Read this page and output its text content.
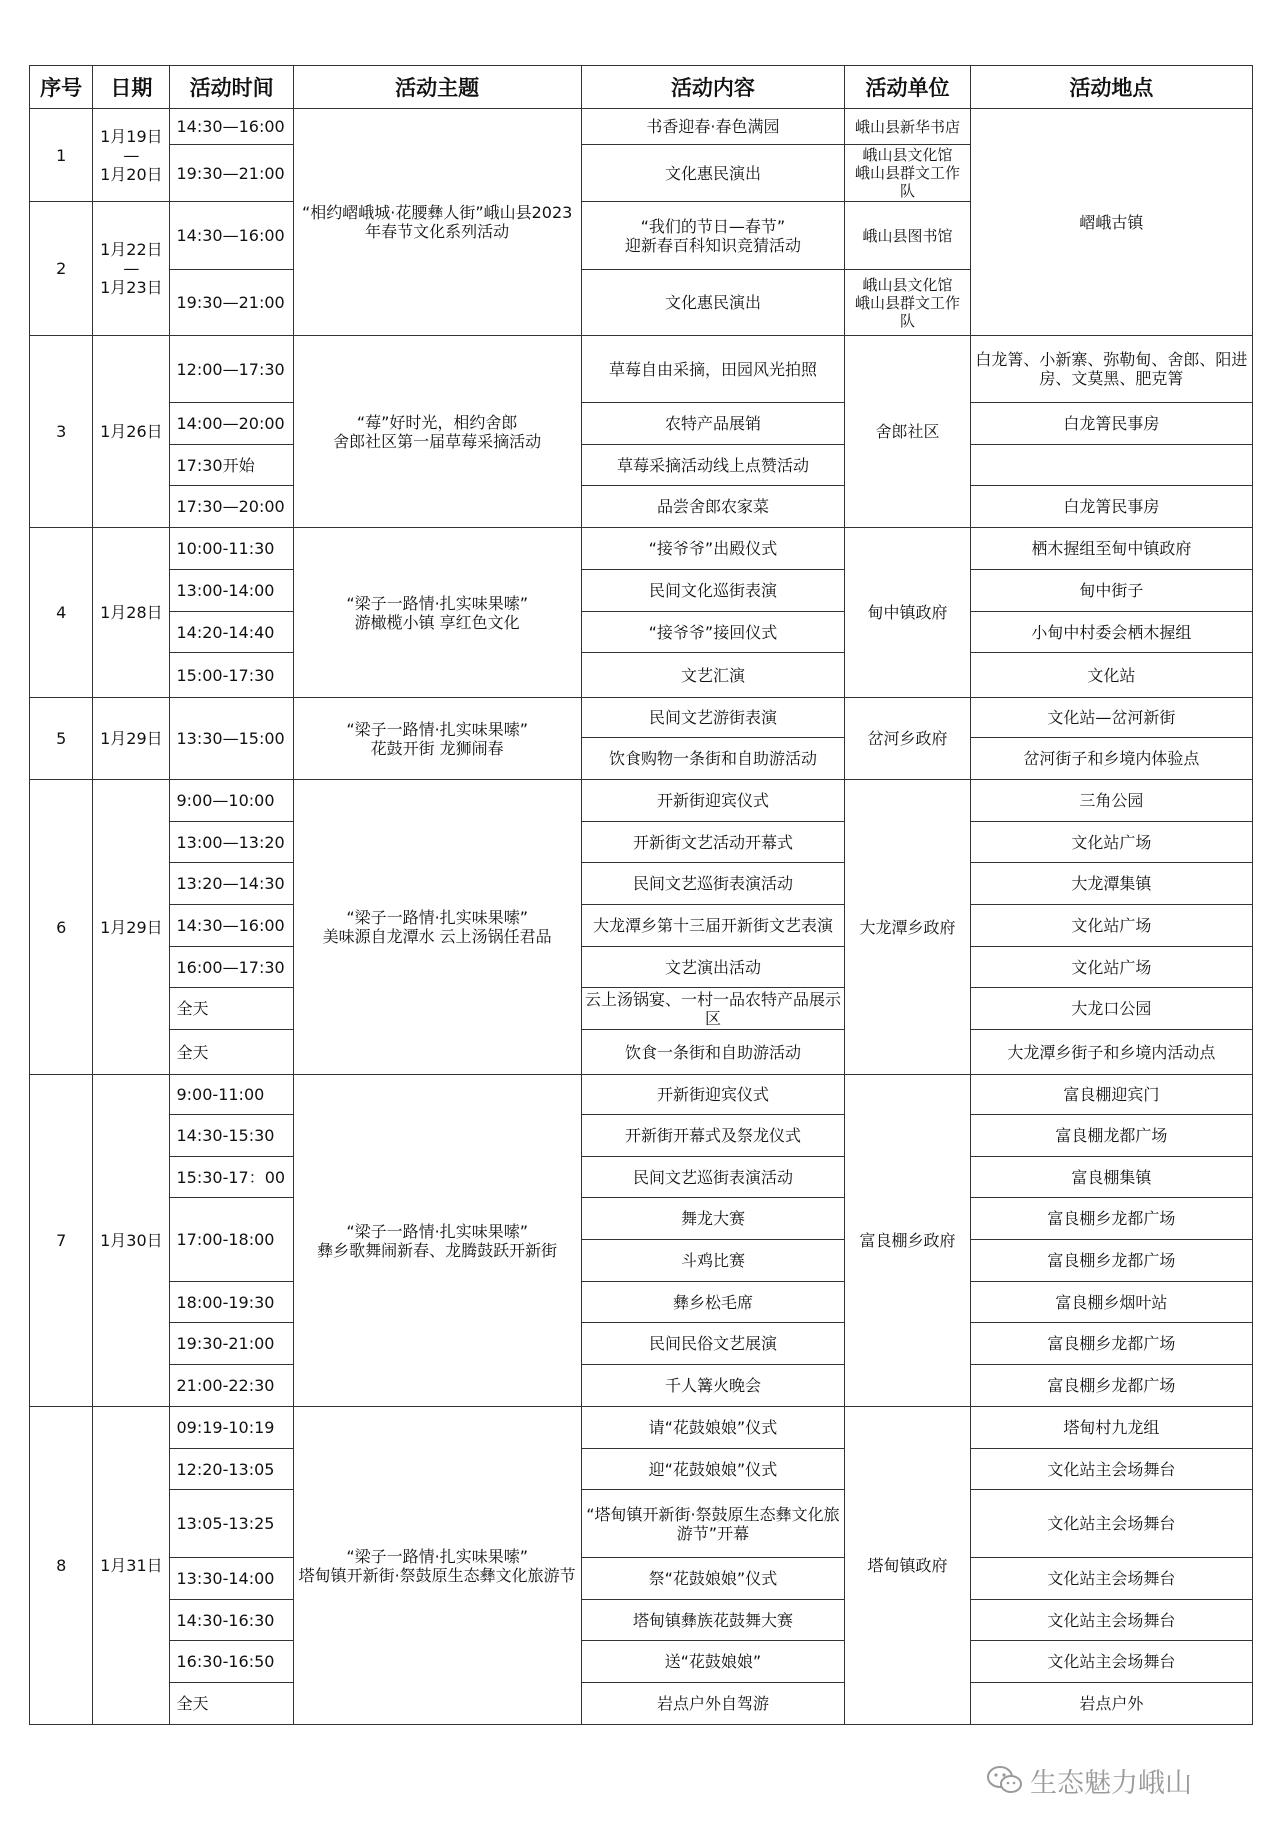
序号	日期	活动时间	活动主题	活动内容	活动单位	活动地点
1	1月19日
—
1月20日	14:30—16:00	“相约嶍峨城·花腰彝人街”峨山县2023年春节文化系列活动	书香迎春·春色满园	峨山县新华书店	嶍峨古镇
		19:30—21:00		文化惠民演出	峨山县文化馆
峨山县群文工作队	
2	1月22日
—
1月23日	14:30—16:00		“我们的节日—春节”
迎新春百科知识竞猜活动	峨山县图书馆	
		19:30—21:00		文化惠民演出	峨山县文化馆
峨山县群文工作队	
3	1月26日	12:00—17:30	“莓”好时光，相约舍郎
舍郎社区第一届草莓采摘活动	草莓自由采摘，田园风光拍照	舍郎社区	白龙箐、小新寨、弥勒甸、舍郎、阳进房、文莫黑、肥克箐
		14:00—20:00		农特产品展销		白龙箐民事房
		17:30开始		草莓采摘活动线上点赞活动		
		17:30—20:00		品尝舍郎农家菜		白龙箐民事房
4	1月28日	10:00-11:30	“梁子一路情·扎实味果嗦”
游橄榄小镇 享红色文化	“接爷爷”出殿仪式	甸中镇政府	栖木握组至甸中镇政府
		13:00-14:00		民间文化巡街表演		甸中街子
		14:20-14:40		“接爷爷”接回仪式		小甸中村委会栖木握组
		15:00-17:30		文艺汇演		文化站
5	1月29日	13:30—15:00	“梁子一路情·扎实味果嗦”
花鼓开街 龙狮闹春	民间文艺游街表演	岔河乡政府	文化站—岔河新街
				饮食购物一条街和自助游活动		岔河街子和乡境内体验点
6	1月29日	9:00—10:00	“梁子一路情·扎实味果嗦”
美味源自龙潭水 云上汤锅任君品	开新街迎宾仪式	大龙潭乡政府	三角公园
		13:00—13:20		开新街文艺活动开幕式		文化站广场
		13:20—14:30		民间文艺巡街表演活动		大龙潭集镇
		14:30—16:00		大龙潭乡第十三届开新街文艺表演		文化站广场
		16:00—17:30		文艺演出活动		文化站广场
		全天		云上汤锅宴、一村一品农特产品展示区		大龙口公园
		全天		饮食一条街和自助游活动		大龙潭乡街子和乡境内活动点
7	1月30日	9:00-11:00	“梁子一路情·扎实味果嗦”
彝乡歌舞闹新春、龙腾鼓跃开新街	开新街迎宾仪式	富良棚乡政府	富良棚迎宾门
		14:30-15:30		开新街开幕式及祭龙仪式		富良棚龙都广场
		15:30-17：00		民间文艺巡街表演活动		富良棚集镇
		17:00-18:00		舞龙大赛		富良棚乡龙都广场
				斗鸡比赛		富良棚乡龙都广场
		18:00-19:30		彝乡松毛席		富良棚乡烟叶站
		19:30-21:00		民间民俗文艺展演		富良棚乡龙都广场
		21:00-22:30		千人篝火晚会		富良棚乡龙都广场
8	1月31日	09:19-10:19	“梁子一路情·扎实味果嗦”
塔甸镇开新街·祭鼓原生态彝文化旅游节	请“花鼓娘娘”仪式	塔甸镇政府	塔甸村九龙组
		12:20-13:05		迎“花鼓娘娘”仪式		文化站主会场舞台
		13:05-13:25		“塔甸镇开新街·祭鼓原生态彝文化旅游节”开幕		文化站主会场舞台
		13:30-14:00		祭“花鼓娘娘”仪式		文化站主会场舞台
		14:30-16:30		塔甸镇彝族花鼓舞大赛		文化站主会场舞台
		16:30-16:50		送“花鼓娘娘”		文化站主会场舞台
		全天		岩点户外自驾游		岩点户外
生态魅力峨山
